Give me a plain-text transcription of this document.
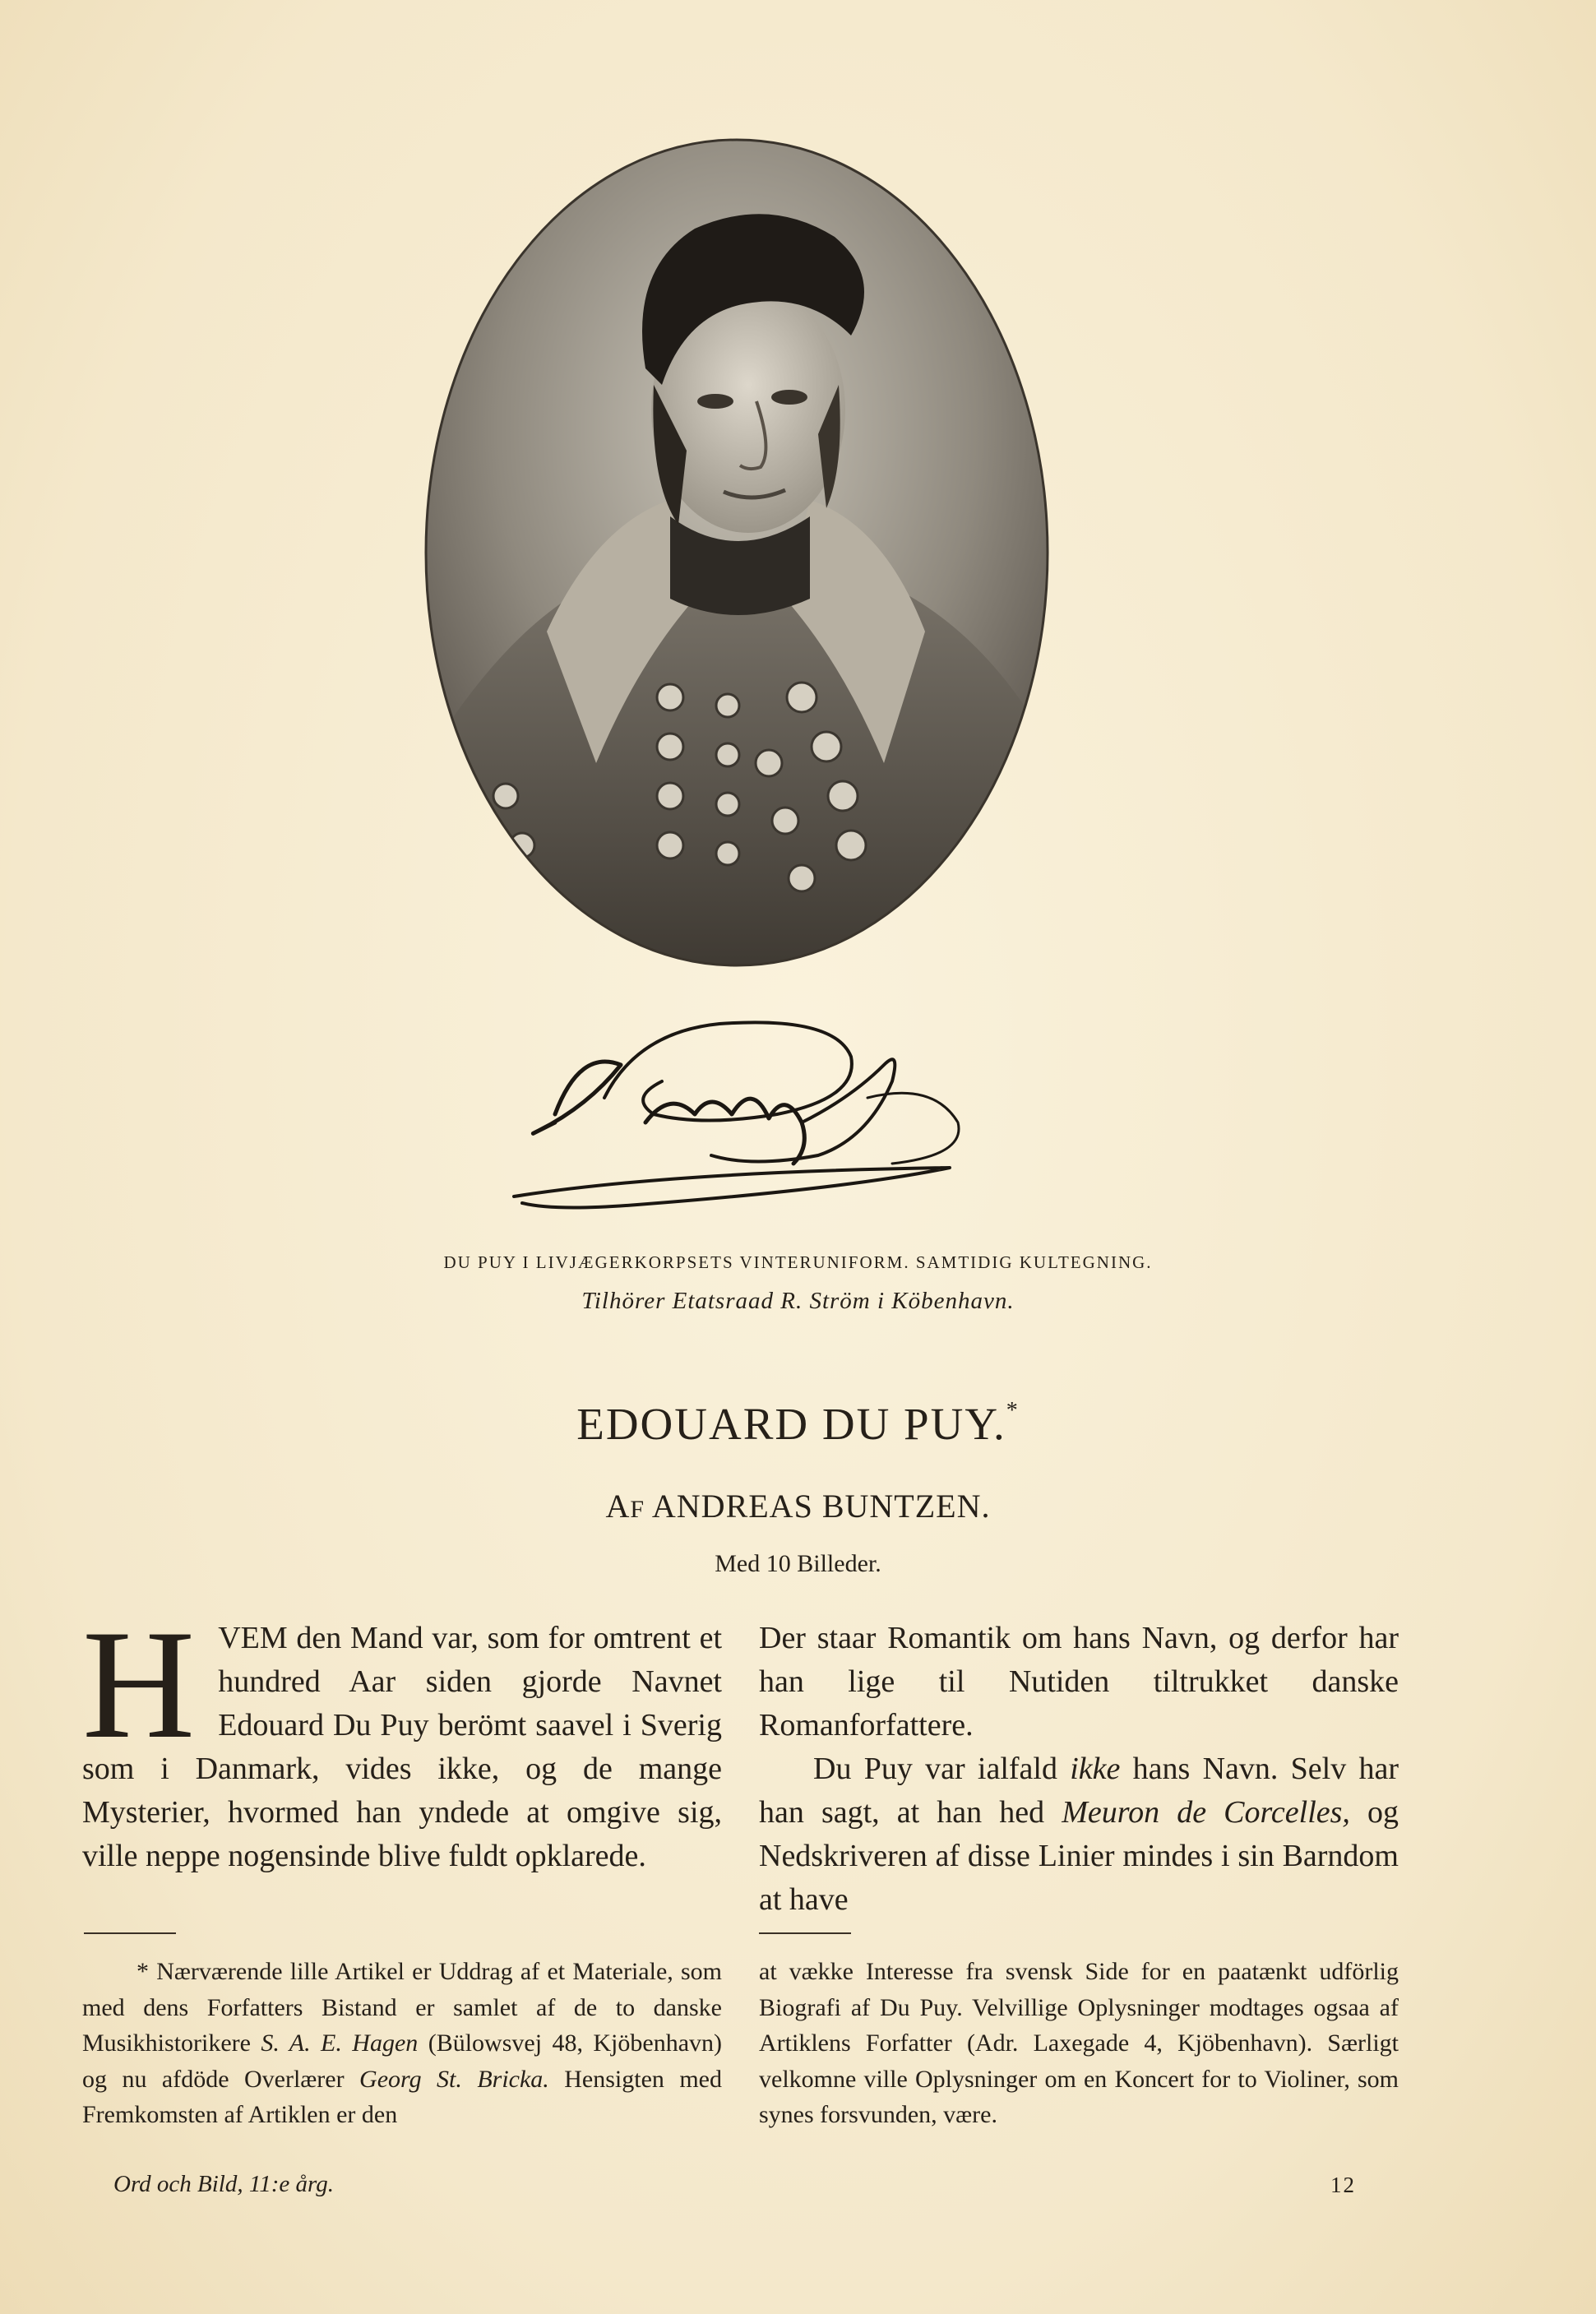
DU PUY I LIVJÆGERKORPSETS VINTERUNIFORM. SAMTIDIG KULTEGNING.
Tilhörer Etatsraad R. Ström i Köbenhavn.
EDOUARD DU PUY.*
AF ANDREAS BUNTZEN.
Med 10 Billeder.

HVEM den Mand var, som for omtrent et hundred Aar siden gjorde Navnet Edouard Du Puy berömt saavel i Sverig som i Danmark, vides ikke, og de mange Mysterier, hvormed han yndede at omgive sig, ville neppe nogensinde blive fuldt opklarede.

Der staar Romantik om hans Navn, og derfor har han lige til Nutiden tiltrukket danske Romanforfattere.

Du Puy var ialfald ikke hans Navn. Selv har han sagt, at han hed Meuron de Corcelles, og Nedskriveren af disse Linier mindes i sin Barndom at have

* Nærværende lille Artikel er Uddrag af et Materiale, som med dens Forfatters Bistand er samlet af de to danske Musikhistorikere S. A. E. Hagen (Bülowsvej 48, Kjöbenhavn) og nu afdöde Overlærer Georg St. Bricka. Hensigten med Fremkomsten af Artiklen er den

at vække Interesse fra svensk Side for en paatænkt udförlig Biografi af Du Puy. Velvillige Oplysninger modtages ogsaa af Artiklens Forfatter (Adr. Laxegade 4, Kjöbenhavn). Særligt velkomne ville Oplysninger om en Koncert for to Violiner, som synes forsvunden, være.

Ord och Bild, 11:e årg.	12
